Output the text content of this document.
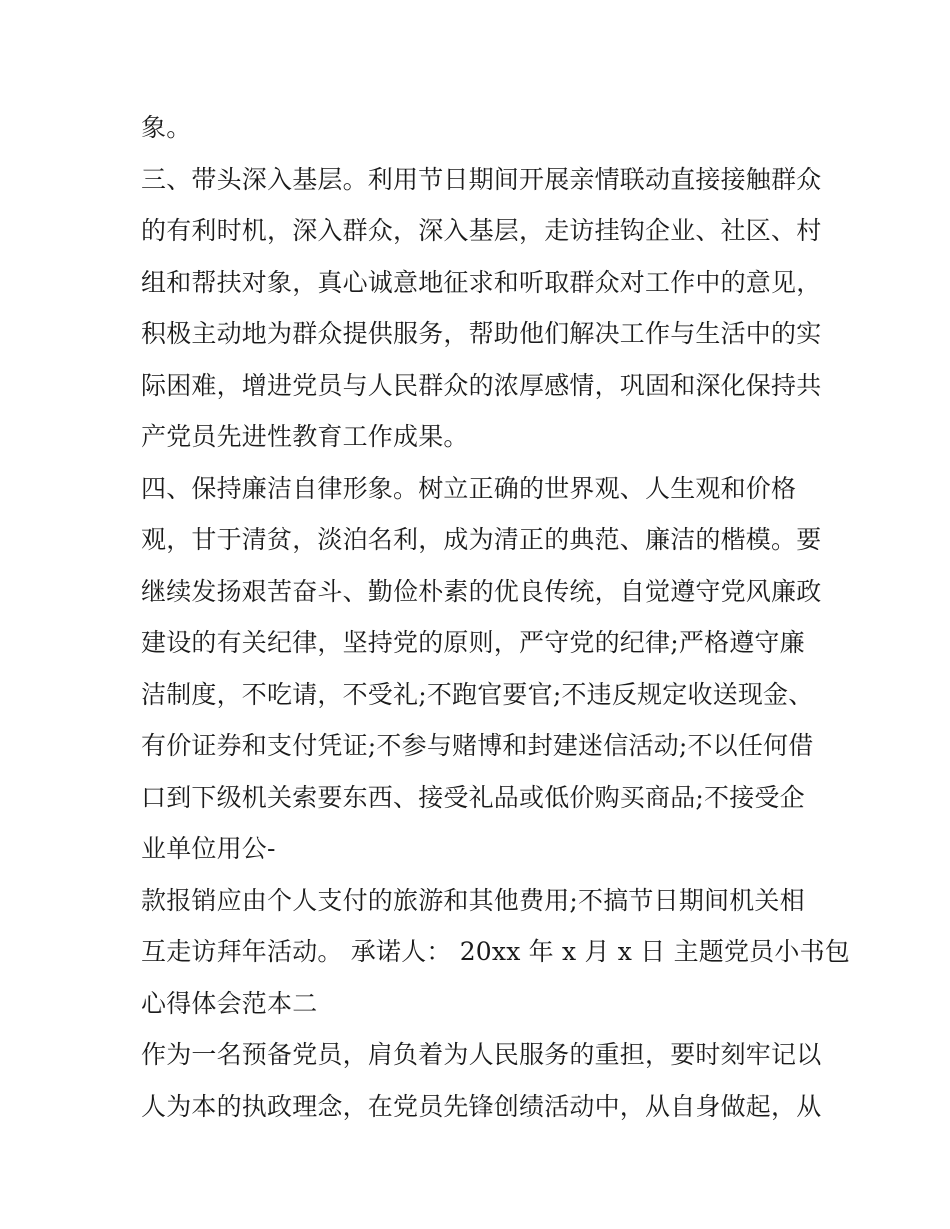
象。
三、带头深入基层。利用节日期间开展亲情联动直接接触群众
的有利时机，深入群众，深入基层，走访挂钩企业、社区、村
组和帮扶对象，真心诚意地征求和听取群众对工作中的意见，
积极主动地为群众提供服务，帮助他们解决工作与生活中的实
际困难，增进党员与人民群众的浓厚感情，巩固和深化保持共
产党员先进性教育工作成果。
四、保持廉洁自律形象。树立正确的世界观、人生观和价格
观，甘于清贫，淡泊名利，成为清正的典范、廉洁的楷模。要
继续发扬艰苦奋斗、勤俭朴素的优良传统，自觉遵守党风廉政
建设的有关纪律，坚持党的原则，严守党的纪律;严格遵守廉
洁制度，不吃请，不受礼;不跑官要官;不违反规定收送现金、
有价证券和支付凭证;不参与赌博和封建迷信活动;不以任何借
口到下级机关索要东西、接受礼品或低价购买商品;不接受企
业单位用公-
款报销应由个人支付的旅游和其他费用;不搞节日期间机关相
互走访拜年活动。 承诺人： 20xx 年 x 月 x 日 主题党员小书包
心得体会范本二
作为一名预备党员，肩负着为人民服务的重担，要时刻牢记以
人为本的执政理念，在党员先锋创绩活动中，从自身做起，从
